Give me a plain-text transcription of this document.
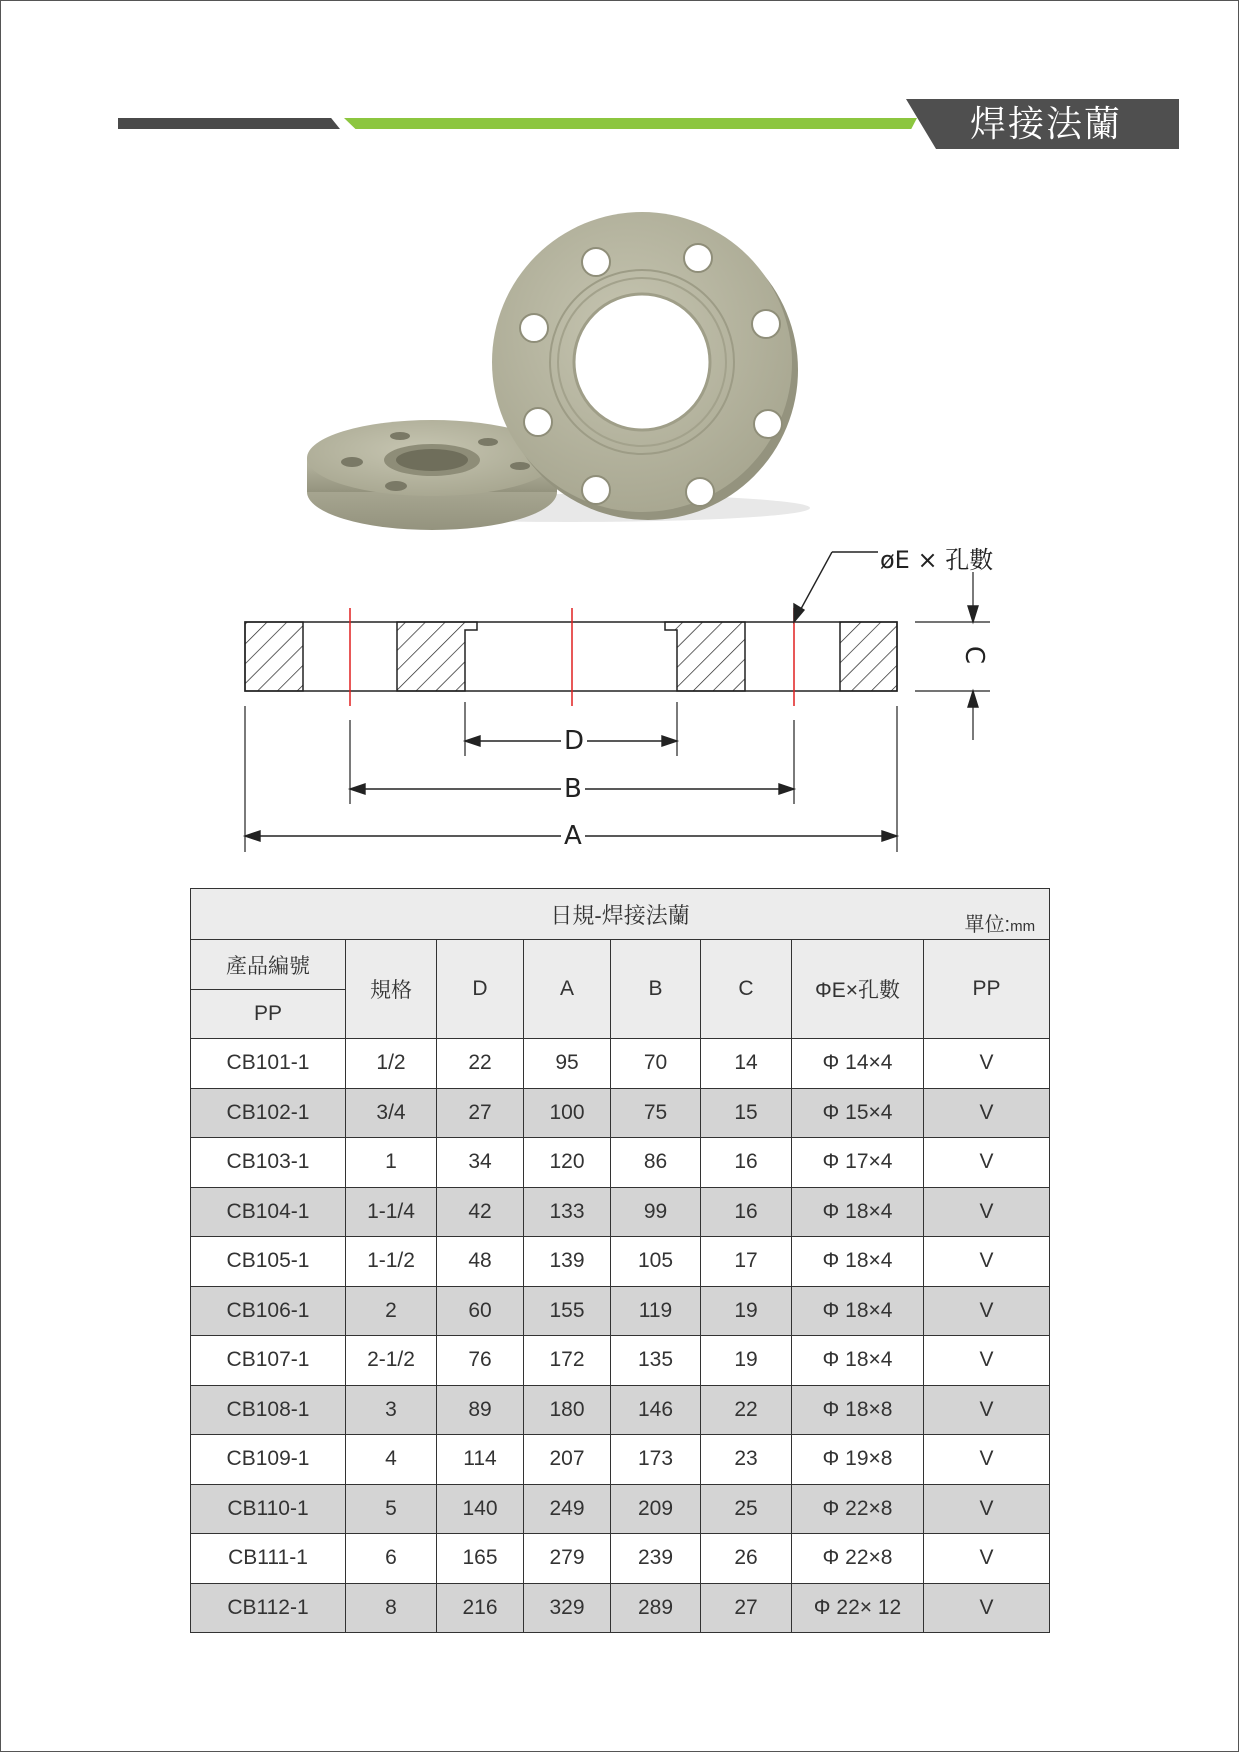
焊接法蘭
D
B
A
C
øE × 孔數
日規-焊接法蘭 單位:mm							

產品編號	規格	D	A	B	C	ΦE×孔數	PP
PP							
CB101-1	1/2	22	95	70	14	Φ 14×4	V
CB102-1	3/4	27	100	75	15	Φ 15×4	V
CB103-1	1	34	120	86	16	Φ 17×4	V
CB104-1	1-1/4	42	133	99	16	Φ 18×4	V
CB105-1	1-1/2	48	139	105	17	Φ 18×4	V
CB106-1	2	60	155	119	19	Φ 18×4	V
CB107-1	2-1/2	76	172	135	19	Φ 18×4	V
CB108-1	3	89	180	146	22	Φ 18×8	V
CB109-1	4	114	207	173	23	Φ 19×8	V
CB110-1	5	140	249	209	25	Φ 22×8	V
CB111-1	6	165	279	239	26	Φ 22×8	V
CB112-1	8	216	329	289	27	Φ 22× 12	V
